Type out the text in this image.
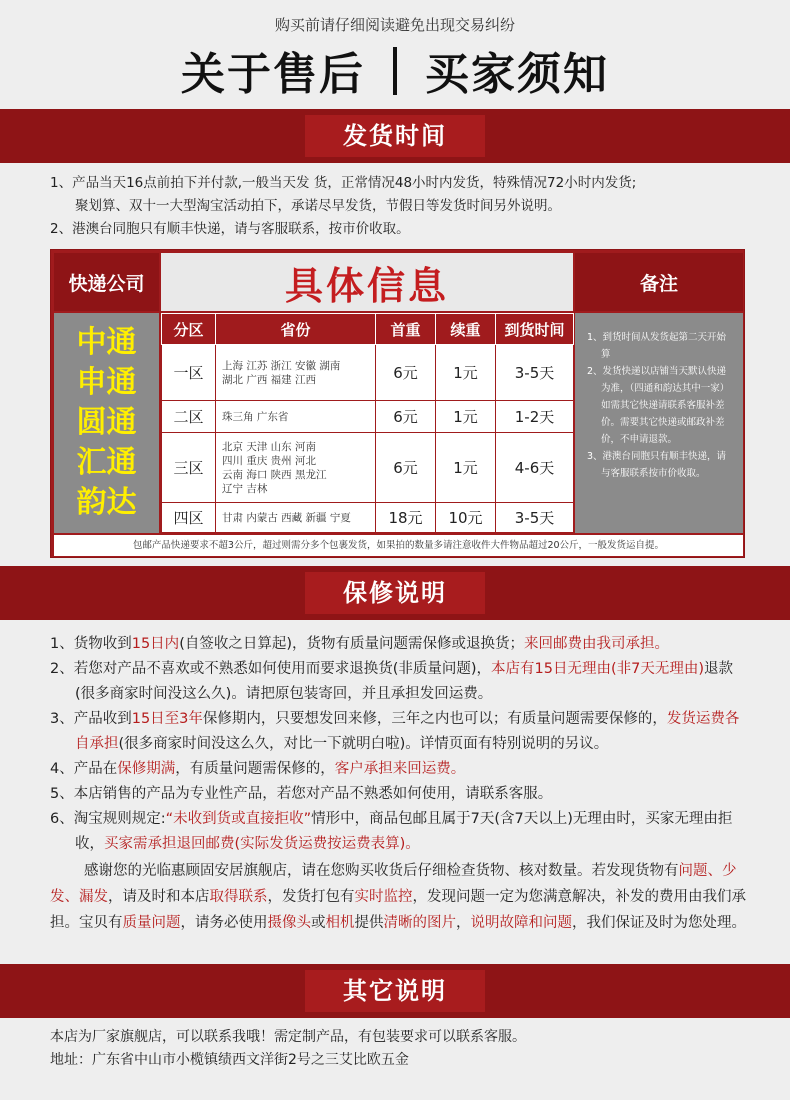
购买前请仔细阅读避免出现交易纠纷
关于售后 买家须知
发货时间
1、产品当天16点前拍下并付款,一般当天发 货，正常情况48小时内发货，特殊情况72小时内发货;
聚划算、双十一大型淘宝活动拍下，承诺尽早发货，节假日等发货时间另外说明。
2、港澳台同胞只有顺丰快递，请与客服联系，按市价收取。
快递公司	具体信息	备注
中通
申通
圆通
汇通
韵达
分区	省份	首重	续重	到货时间
一区	上海 江苏 浙江 安徽 湖南
湖北 广西 福建 江西	6元	1元	3-5天
二区	珠三角 广东省	6元	1元	1-2天
三区	北京 天津 山东 河南
四川 重庆 贵州 河北
云南 海口 陕西 黑龙江
辽宁 吉林	6元	1元	4-6天
四区	甘肃 内蒙古 西藏 新疆 宁夏	18元	10元	3-5天
1、到货时间从发货起第二天开始算
2、发货快递以店铺当天默认快递为准，（四通和韵达其中一家）如需其它快递请联系客服补差价。需要其它快递或邮政补差价，不申请退款。
3、港澳台同胞只有顺丰快递，请与客服联系按市价收取。
包邮产品快递要求不超3公斤，超过则需分多个包裹发货，如果拍的数量多请注意收件大件物品超过20公斤，一般发货运自提。
保修说明
1、货物收到15日内(自签收之日算起)，货物有质量问题需保修或退换货；来回邮费由我司承担。
2、若您对产品不喜欢或不熟悉如何使用而要求退换货(非质量问题)，本店有15日无理由(非7天无理由)退款(很多商家时间没这么久)。请把原包装寄回，并且承担发回运费。
3、产品收到15日至3年保修期内，只要想发回来修，三年之内也可以；有质量问题需要保修的，发货运费各自承担(很多商家时间没这么久，对比一下就明白啦)。详情页面有特别说明的另议。
4、产品在保修期满，有质量问题需保修的，客户承担来回运费。
5、本店销售的产品为专业性产品，若您对产品不熟悉如何使用，请联系客服。
6、淘宝规则规定:“未收到货或直接拒收”情形中，商品包邮且属于7天(含7天以上)无理由时，买家无理由拒收，买家需承担退回邮费(实际发货运费按运费表算)。
感谢您的光临惠顾固安居旗舰店，请在您购买收货后仔细检查货物、核对数量。若发现货物有问题、少发、漏发，请及时和本店取得联系，发货打包有实时监控，发现问题一定为您满意解决，补发的费用由我们承担。宝贝有质量问题，请务必使用摄像头或相机提供清晰的图片，说明故障和问题，我们保证及时为您处理。
其它说明
本店为厂家旗舰店，可以联系我哦！需定制产品，有包装要求可以联系客服。
地址：广东省中山市小榄镇绩西文洋街2号之三艾比欧五金
